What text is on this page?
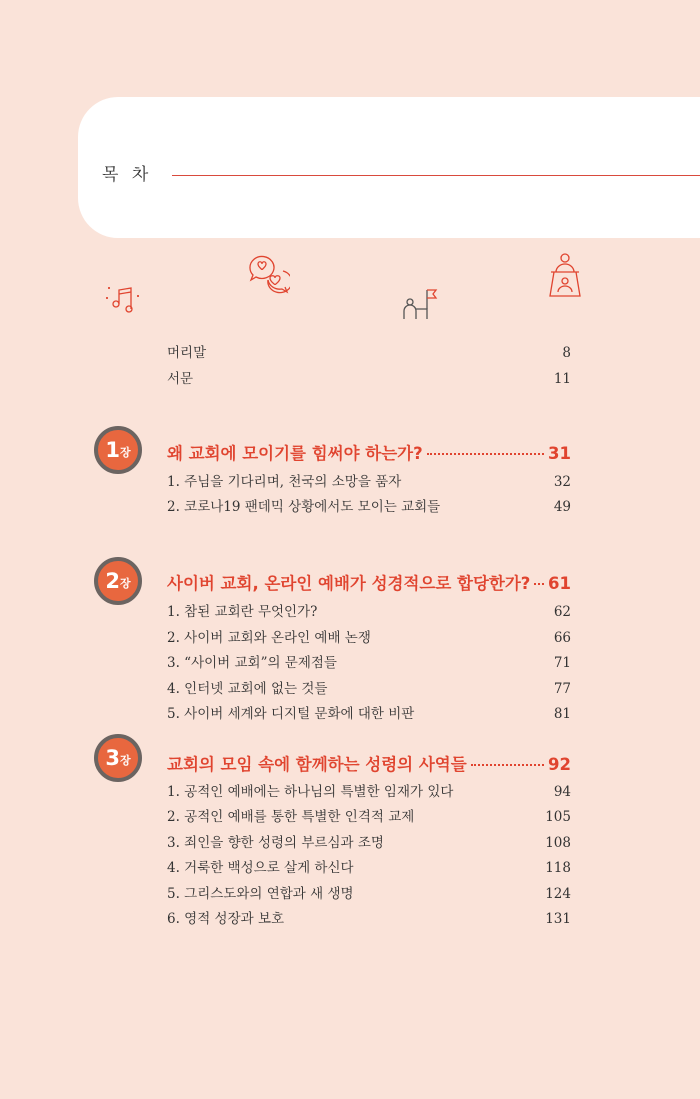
목 차
머리말	8
서문	11
1 장 왜 교회에 모이기를 힘써야 하는가?	31
1. 주님을 기다리며, 천국의 소망을 품자	32
2. 코로나19 팬데믹 상황에서도 모이는 교회들	49
2 장 사이버 교회, 온라인 예배가 성경적으로 합당한가? 61
1. 참된 교회란 무엇인가?	62
2. 사이버 교회와 온라인 예배 논쟁	66
3. “사이버 교회”의 문제점들	71
4. 인터넷 교회에 없는 것들	77
5. 사이버 세계와 디지털 문화에 대한 비판	81
3 장 교회의 모임 속에 함께하는 성령의 사역들	92
1. 공적인 예배에는 하나님의 특별한 임재가 있다	94
2. 공적인 예배를 통한 특별한 인격적 교제	105
3. 죄인을 향한 성령의 부르심과 조명	108
4. 거룩한 백성으로 살게 하신다	118
5. 그리스도와의 연합과 새 생명	124
6. 영적 성장과 보호	131
